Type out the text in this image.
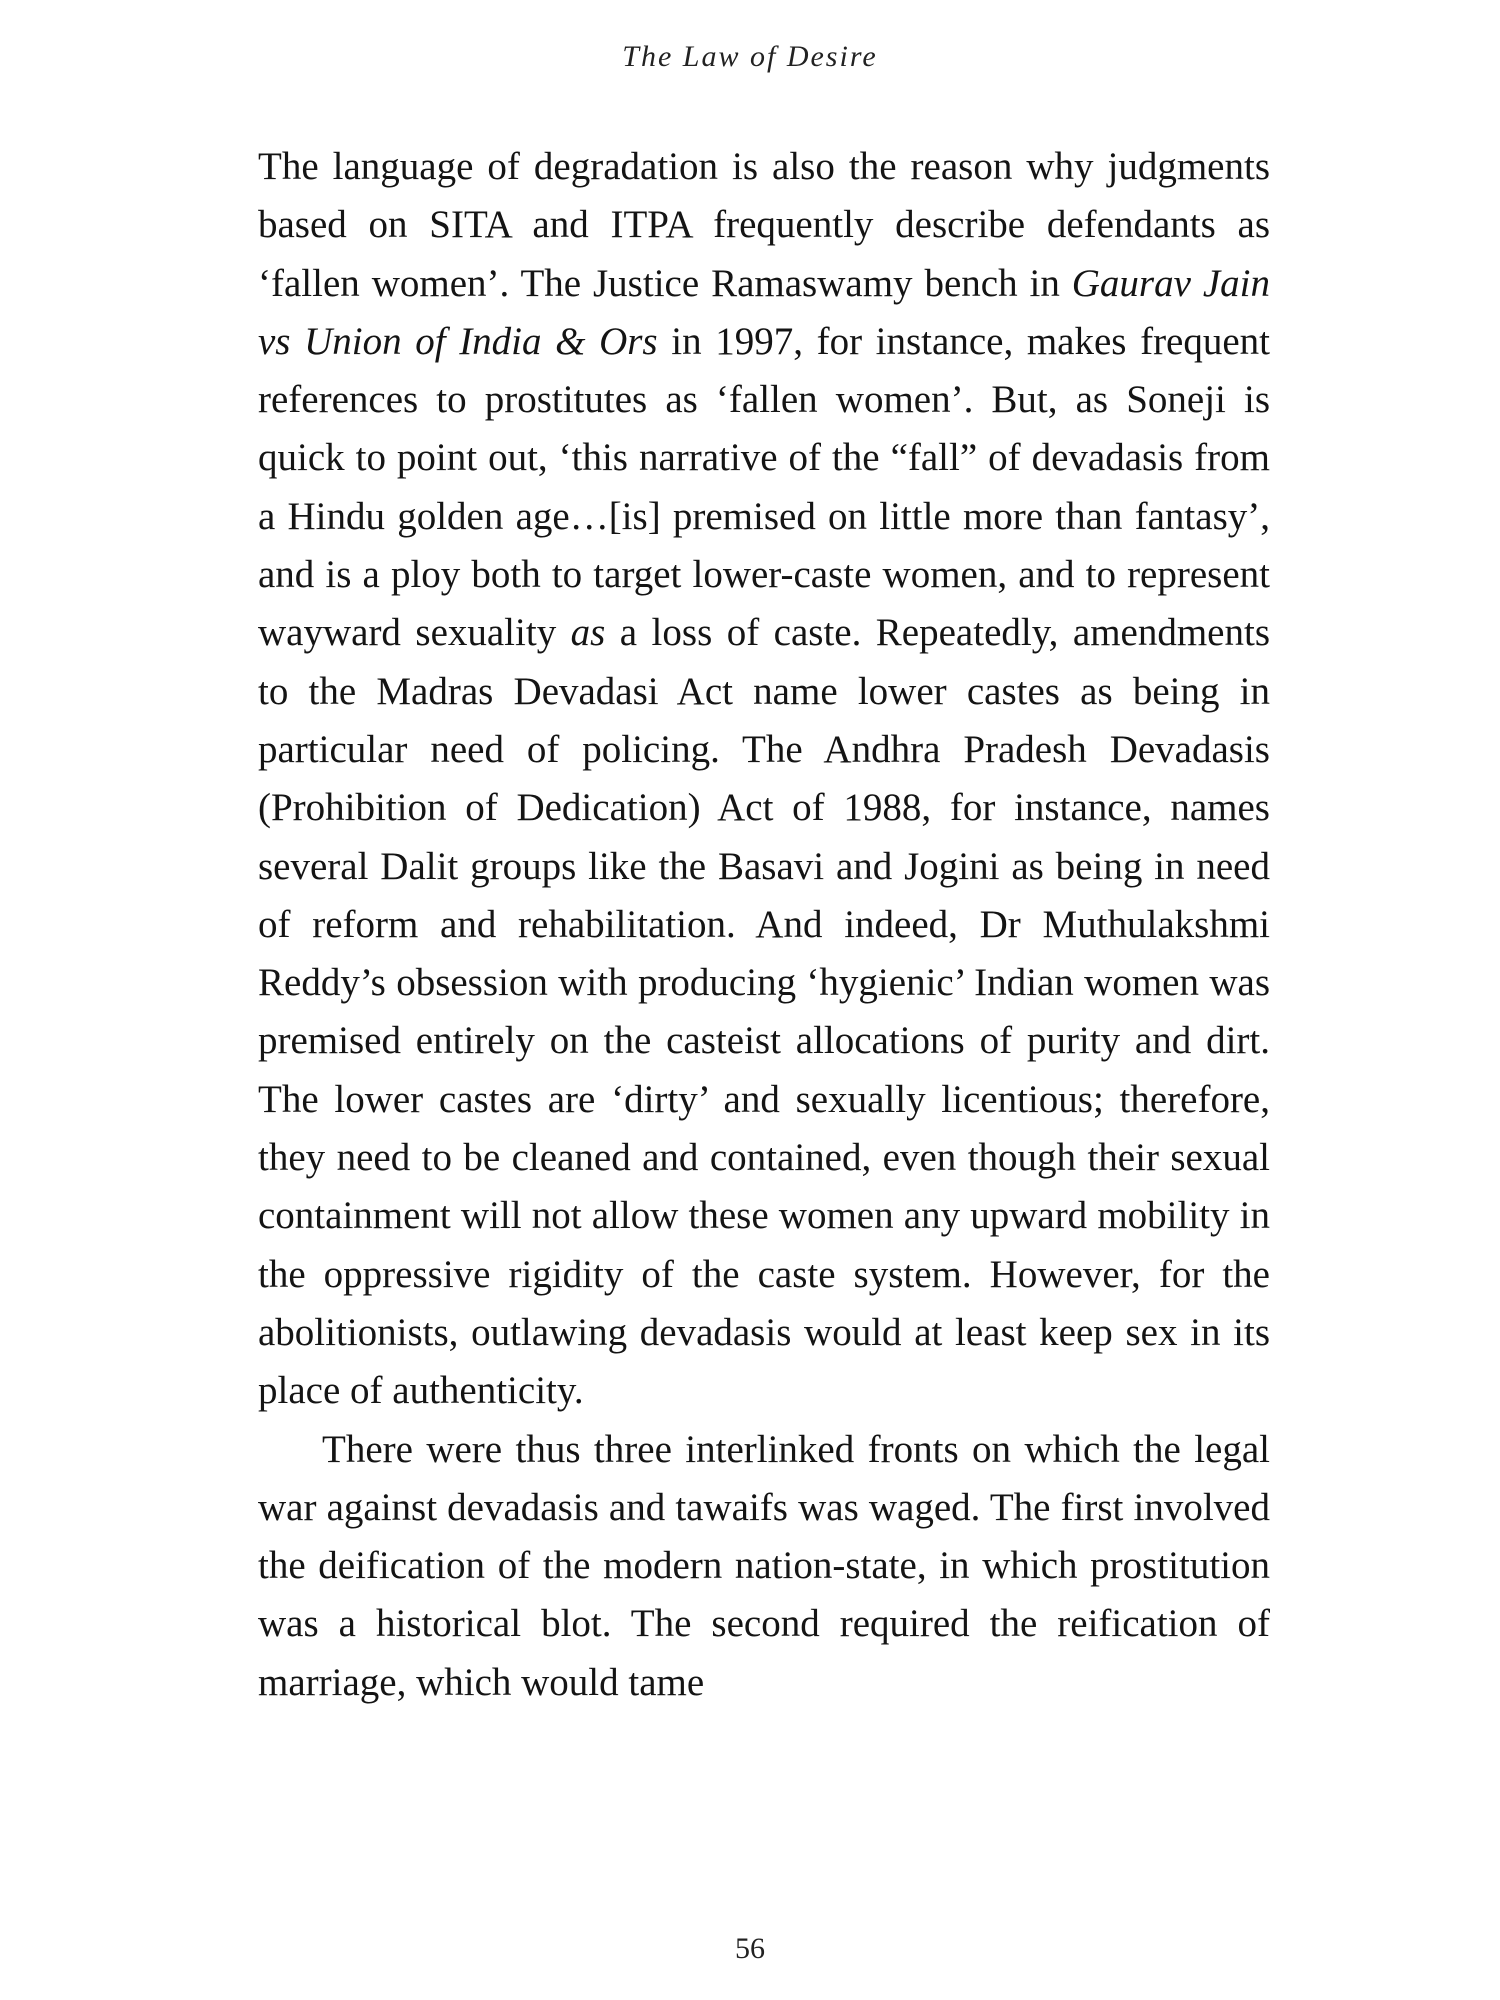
The Law of Desire

The language of degradation is also the reason why judgments based on SITA and ITPA frequently describe defendants as ‘fallen women’. The Justice Ramaswamy bench in Gaurav Jain vs Union of India & Ors in 1997, for instance, makes frequent references to prostitutes as ‘fallen women’. But, as Soneji is quick to point out, ‘this narrative of the “fall” of devadasis from a Hindu golden age…[is] premised on little more than fantasy’, and is a ploy both to target lower-caste women, and to represent wayward sexuality as a loss of caste. Repeatedly, amendments to the Madras Devadasi Act name lower castes as being in particular need of policing. The Andhra Pradesh Devadasis (Prohibition of Dedication) Act of 1988, for instance, names several Dalit groups like the Basavi and Jogini as being in need of reform and rehabilitation. And indeed, Dr Muthulakshmi Reddy’s obsession with producing ‘hygienic’ Indian women was premised entirely on the casteist allocations of purity and dirt. The lower castes are ‘dirty’ and sexually licentious; therefore, they need to be cleaned and contained, even though their sexual containment will not allow these women any upward mobility in the oppressive rigidity of the caste system. However, for the abolitionists, outlawing devadasis would at least keep sex in its place of authenticity.

There were thus three interlinked fronts on which the legal war against devadasis and tawaifs was waged. The first involved the deification of the modern nation-state, in which prostitution was a historical blot. The second required the reification of marriage, which would tame

56
